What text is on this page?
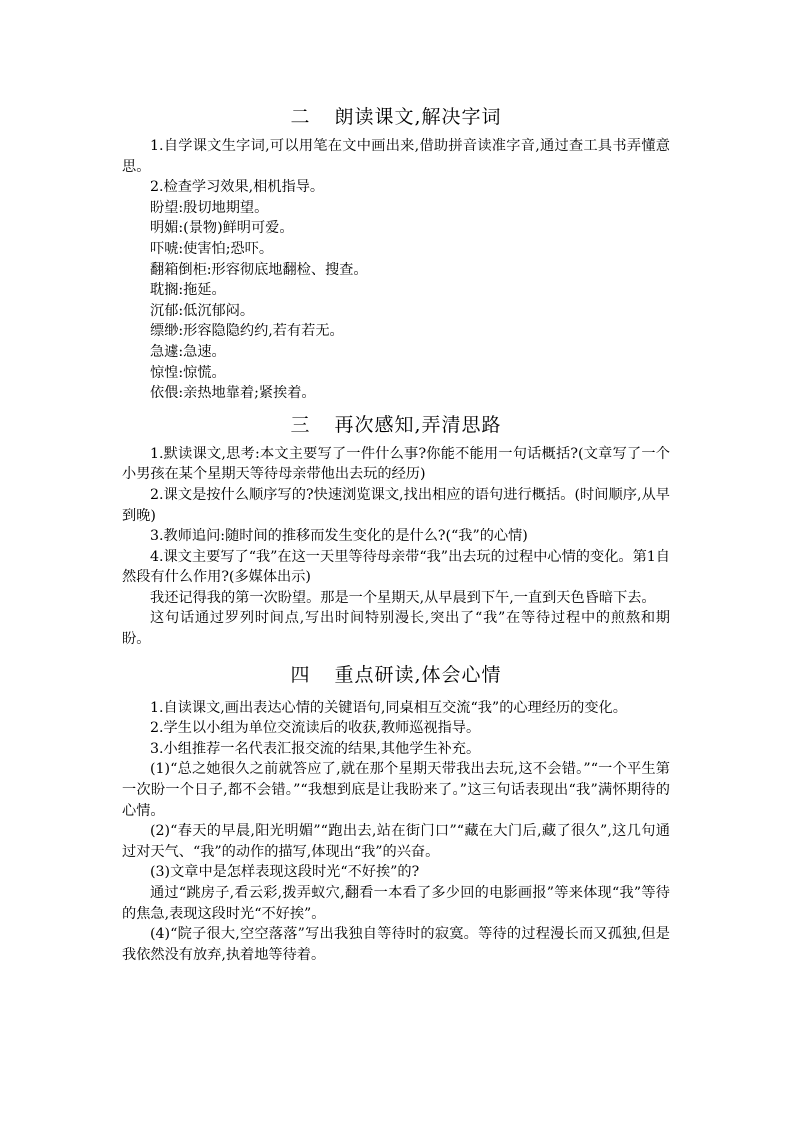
二 朗读课文,解决字词

1.自学课文生字词,可以用笔在文中画出来,借助拼音读准字音,通过查工具书弄懂意思。

2.检查学习效果,相机指导。

盼望:殷切地期望。

明媚:(景物)鲜明可爱。

吓唬:使害怕;恐吓。

翻箱倒柜:形容彻底地翻检、搜查。

耽搁:拖延。

沉郁:低沉郁闷。

缥缈:形容隐隐约约,若有若无。

急遽:急速。

惊惶:惊慌。

依偎:亲热地靠着;紧挨着。

三 再次感知,弄清思路

1.默读课文,思考:本文主要写了一件什么事?你能不能用一句话概括?(文章写了一个小男孩在某个星期天等待母亲带他出去玩的经历)

2.课文是按什么顺序写的?快速浏览课文,找出相应的语句进行概括。(时间顺序,从早到晚)

3.教师追问:随时间的推移而发生变化的是什么?(“我”的心情)

4.课文主要写了“我”在这一天里等待母亲带“我”出去玩的过程中心情的变化。第1自然段有什么作用?(多媒体出示)

我还记得我的第一次盼望。那是一个星期天,从早晨到下午,一直到天色昏暗下去。

这句话通过罗列时间点,写出时间特别漫长,突出了“我”在等待过程中的煎熬和期盼。

四 重点研读,体会心情

1.自读课文,画出表达心情的关键语句,同桌相互交流“我”的心理经历的变化。

2.学生以小组为单位交流读后的收获,教师巡视指导。

3.小组推荐一名代表汇报交流的结果,其他学生补充。

(1)“总之她很久之前就答应了,就在那个星期天带我出去玩,这不会错。”“一个平生第一次盼一个日子,都不会错。”“我想到底是让我盼来了。”这三句话表现出“我”满怀期待的心情。

(2)“春天的早晨,阳光明媚”“跑出去,站在街门口”“藏在大门后,藏了很久”,这几句通过对天气、“我”的动作的描写,体现出“我”的兴奋。

(3)文章中是怎样表现这段时光“不好挨”的?

通过“跳房子,看云彩,拨弄蚁穴,翻看一本看了多少回的电影画报”等来体现“我”等待的焦急,表现这段时光“不好挨”。

(4)“院子很大,空空落落”写出我独自等待时的寂寞。等待的过程漫长而又孤独,但是我依然没有放弃,执着地等待着。
